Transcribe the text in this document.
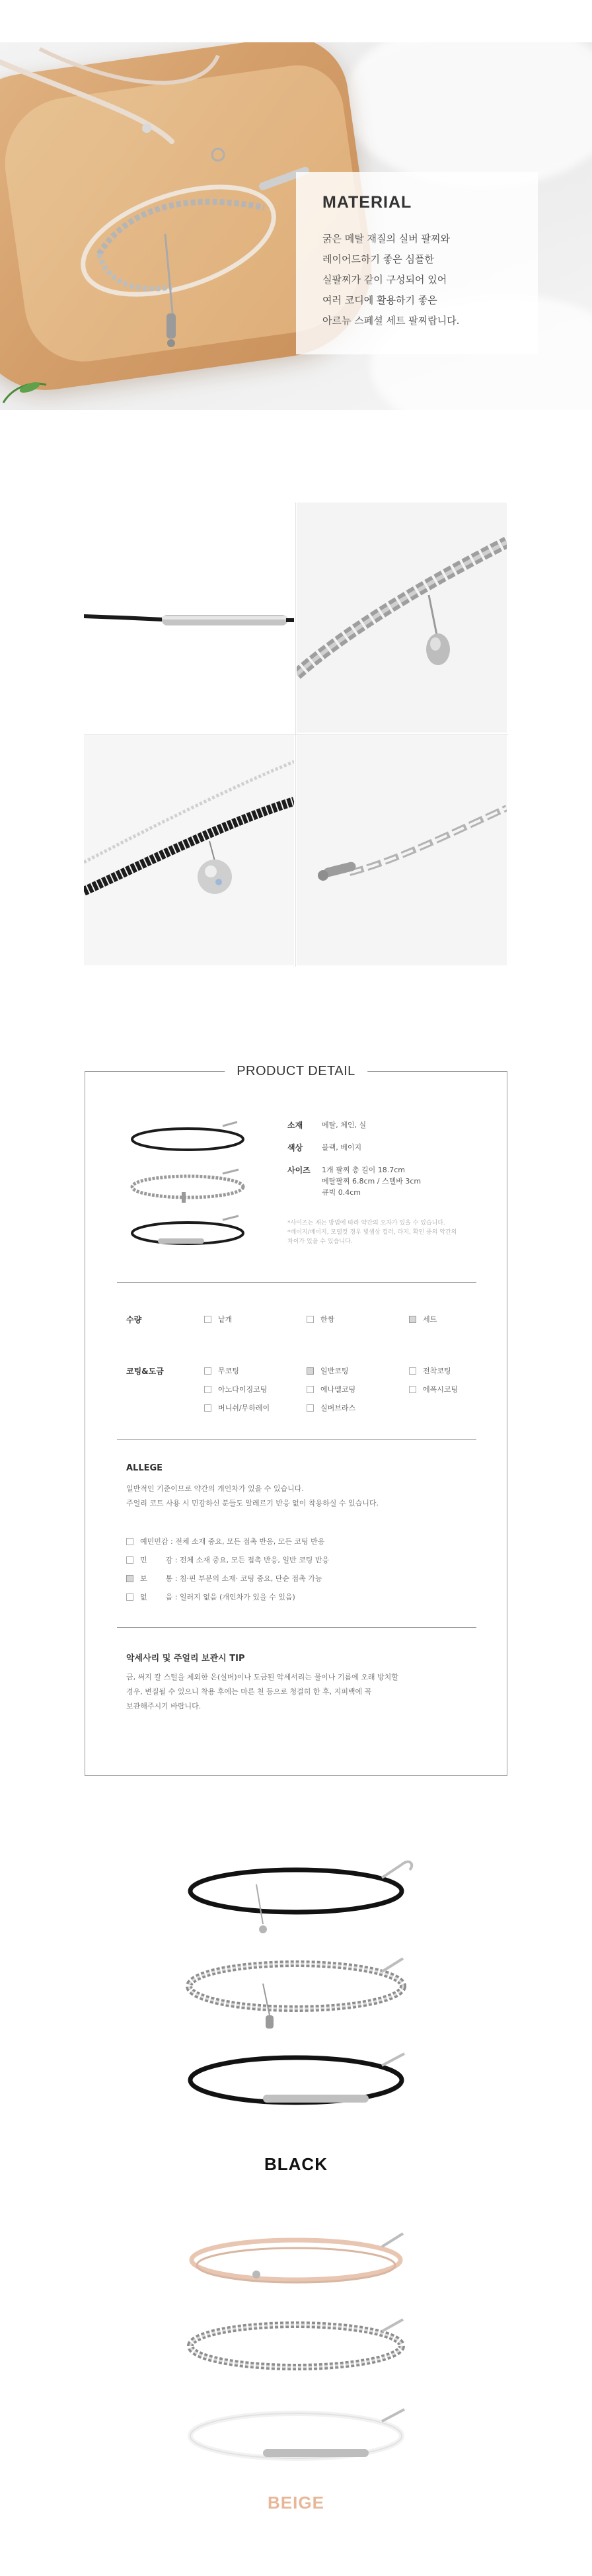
MATERIAL
굵은 메탈 재질의 실버 팔찌와
레이어드하기 좋은 심플한
실팔찌가 같이 구성되어 있어
여러 코디에 활용하기 좋은
아르뉴 스페셜 세트 팔찌랍니다.
PRODUCT DETAIL
소재	메탈, 체인, 실
색상	블랙, 베이지
사이즈 1개 팔찌 총 길이 18.7cm
메탈팔찌 6.8cm / 스텔바 3cm
큐빅 0.4cm
*사이즈는 재는 방법에 따라 약간의 오차가 있을 수 있습니다.
*베이지/베이지, 모델컷 경우 빛샘상 컬러, 라지, 확인 중의 약간의
차이가 있을 수 있습니다.
수량	낱개	한쌍	세트
코팅&도금	무코팅	일반코팅	전착코팅
아노다이징코팅	에나멜코팅	에폭시코팅
버니쉬/무하레이	실버브라스
ALLEGE
일반적인 기준이므로 약간의 개인차가 있을 수 있습니다.
주얼리 코트 사용 시 민감하신 분들도 알레르기 반응 없이 착용하실 수 있습니다.
예민민감 : 전체 소재 중요, 모든 접촉 반응, 모든 코팅 반응
민        감 : 전체 소재 중요, 모든 접촉 반응, 일반 코팅 반응
보        통 : 침·핀 부분의 소재· 코팅 중요, 단순 접촉 가능
없        음 : 일러지 없음 (개인차가 있을 수 있음)
악세사리 및 주얼리 보관시 TIP
금, 써지 칼 스털을 제외한 은(실버)이나 도금된 악세서리는 물이나 기름에 오래 방치할
경우, 변질될 수 있으니 착용 후에는 마른 천 등으로 청결히 한 후, 지퍼백에 꼭
보관해주시기 바랍니다.
BLACK
BEIGE
